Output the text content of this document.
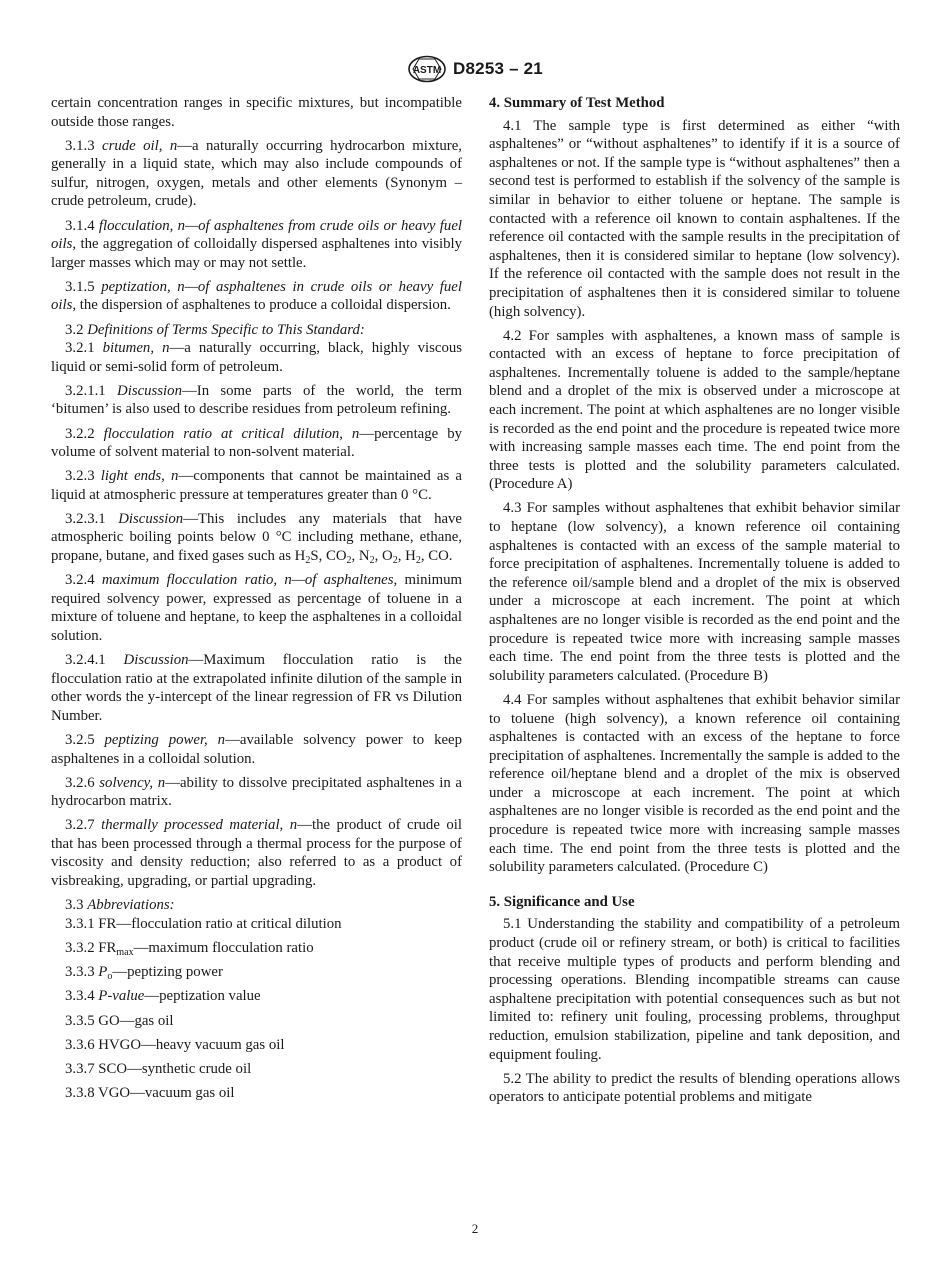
ASTM D8253 – 21

certain concentration ranges in specific mixtures, but incompatible outside those ranges.

3.1.3 crude oil, n—a naturally occurring hydrocarbon mixture, generally in a liquid state, which may also include compounds of sulfur, nitrogen, oxygen, metals and other elements (Synonym – crude petroleum, crude).

3.1.4 flocculation, n—of asphaltenes from crude oils or heavy fuel oils, the aggregation of colloidally dispersed asphaltenes into visibly larger masses which may or may not settle.

3.1.5 peptization, n—of asphaltenes in crude oils or heavy fuel oils, the dispersion of asphaltenes to produce a colloidal dispersion.

3.2 Definitions of Terms Specific to This Standard:

3.2.1 bitumen, n—a naturally occurring, black, highly viscous liquid or semi-solid form of petroleum.

3.2.1.1 Discussion—In some parts of the world, the term ‘bitumen’ is also used to describe residues from petroleum refining.

3.2.2 flocculation ratio at critical dilution, n—percentage by volume of solvent material to non-solvent material.

3.2.3 light ends, n—components that cannot be maintained as a liquid at atmospheric pressure at temperatures greater than 0 °C.

3.2.3.1 Discussion—This includes any materials that have atmospheric boiling points below 0 °C including methane, ethane, propane, butane, and fixed gases such as $H_2S$, $CO_2$, $N_2$, $O_2$, $H_2$, CO.

3.2.4 maximum flocculation ratio, n—of asphaltenes, minimum required solvency power, expressed as percentage of toluene in a mixture of toluene and heptane, to keep the asphaltenes in a colloidal solution.

3.2.4.1 Discussion—Maximum flocculation ratio is the flocculation ratio at the extrapolated infinite dilution of the sample in other words the y-intercept of the linear regression of FR vs Dilution Number.

3.2.5 peptizing power, n—available solvency power to keep asphaltenes in a colloidal solution.

3.2.6 solvency, n—ability to dissolve precipitated asphaltenes in a hydrocarbon matrix.

3.2.7 thermally processed material, n—the product of crude oil that has been processed through a thermal process for the purpose of viscosity and density reduction; also referred to as a product of visbreaking, upgrading, or partial upgrading.

3.3 Abbreviations:

3.3.1 FR—flocculation ratio at critical dilution

3.3.2 $FR_{max}—maximum$ flocculation ratio

3.3.3 $P_o—peptizing$ power

3.3.4 P-value—peptization value

3.3.5 GO—gas oil

3.3.6 HVGO—heavy vacuum gas oil

3.3.7 SCO—synthetic crude oil

3.3.8 VGO—vacuum gas oil

4. Summary of Test Method

4.1 The sample type is first determined as either “with asphaltenes” or “without asphaltenes” to identify if it is a source of asphaltenes or not. If the sample type is “without asphaltenes” then a second test is performed to establish if the solvency of the sample is similar in behavior to either toluene or heptane. The sample is contacted with a reference oil known to contain asphaltenes. If the reference oil contacted with the sample results in the precipitation of asphaltenes, then it is considered similar to heptane (low solvency). If the reference oil contacted with the sample does not result in the precipitation of asphaltenes then it is considered similar to toluene (high solvency).

4.2 For samples with asphaltenes, a known mass of sample is contacted with an excess of heptane to force precipitation of asphaltenes. Incrementally toluene is added to the sample/heptane blend and a droplet of the mix is observed under a microscope at each increment. The point at which asphaltenes are no longer visible is recorded as the end point and the procedure is repeated twice more with increasing sample masses each time. The end point from the three tests is plotted and the solubility parameters calculated. (Procedure A)

4.3 For samples without asphaltenes that exhibit behavior similar to heptane (low solvency), a known reference oil containing asphaltenes is contacted with an excess of the sample material to force precipitation of asphaltenes. Incrementally toluene is added to the reference oil/sample blend and a droplet of the mix is observed under a microscope at each increment. The point at which asphaltenes are no longer visible is recorded as the end point and the procedure is repeated twice more with increasing sample masses each time. The end point from the three tests is plotted and the solubility parameters calculated. (Procedure B)

4.4 For samples without asphaltenes that exhibit behavior similar to toluene (high solvency), a known reference oil containing asphaltenes is contacted with an excess of the heptane to force precipitation of asphaltenes. Incrementally the sample is added to the reference oil/heptane blend and a droplet of the mix is observed under a microscope at each increment. The point at which asphaltenes are no longer visible is recorded as the end point and the procedure is repeated twice more with increasing sample masses each time. The end point from the three tests is plotted and the solubility parameters calculated. (Procedure C)

5. Significance and Use

5.1 Understanding the stability and compatibility of a petroleum product (crude oil or refinery stream, or both) is critical to facilities that receive multiple types of products and perform blending and processing operations. Blending incompatible streams can cause asphaltene precipitation with potential consequences such as but not limited to: refinery unit fouling, processing problems, throughput reduction, emulsion stabilization, pipeline and tank deposition, and equipment fouling.

5.2 The ability to predict the results of blending operations allows operators to anticipate potential problems and mitigate

2
